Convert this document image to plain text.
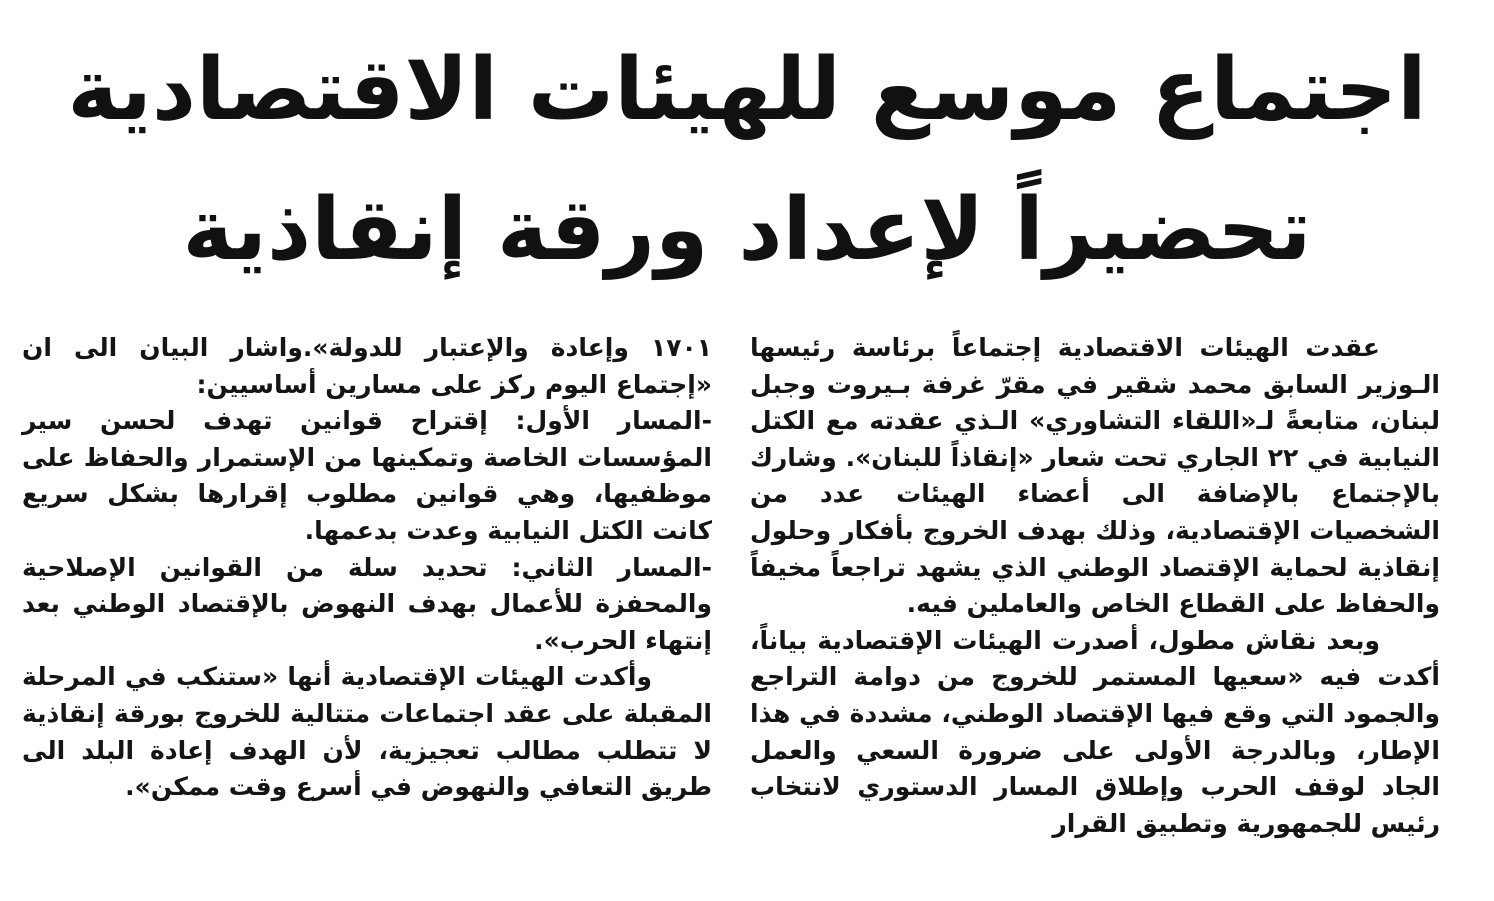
اجتماع موسع للهيئات الاقتصادية
تحضيراً لإعداد ورقة إنقاذية

عقدت الهيئات الاقتصادية إجتماعاً برئاسة رئيسها الـوزير السابق محمد شقير في مقرّ غرفة بـيروت وجبل لبنان، متابعةً لـ«اللقاء التشاوري» الـذي عقدته مع الكتل النيابية في ٢٢ الجاري تحت شعار «إنقاذاً للبنان». وشارك بالإجتماع بالإضافة الى أعضاء الهيئات عدد من الشخصيات الإقتصادية، وذلك بهدف الخروج بأفكار وحلول إنقاذية لحماية الإقتصاد الوطني الذي يشهد تراجعاً مخيفاً والحفاظ على القطاع الخاص والعاملين فيه.

وبعد نقاش مطول، أصدرت الهيئات الإقتصادية بياناً، أكدت فيه «سعيها المستمر للخروج من دوامة التراجع والجمود التي وقع فيها الإقتصاد الوطني، مشددة في هذا الإطار، وبالدرجة الأولى على ضرورة السعي والعمل الجاد لوقف الحرب وإطلاق المسار الدستوري لانتخاب رئيس للجمهورية وتطبيق القرار

١٧٠١ وإعادة والإعتبار للدولة».واشار البيان الى ان «إجتماع اليوم ركز على مسارين أساسيين:

-المسار الأول: إقتراح قوانين تهدف لحسن سير المؤسسات الخاصة وتمكينها من الإستمرار والحفاظ على موظفيها، وهي قوانين مطلوب إقرارها بشكل سريع كانت الكتل النيابية وعدت بدعمها.

-المسار الثاني: تحديد سلة من القوانين الإصلاحية والمحفزة للأعمال بهدف النهوض بالإقتصاد الوطني بعد إنتهاء الحرب».

وأكدت الهيئات الإقتصادية أنها «ستنكب في المرحلة المقبلة على عقد اجتماعات متتالية للخروج بورقة إنقاذية لا تتطلب مطالب تعجيزية، لأن الهدف إعادة البلد الى طريق التعافي والنهوض في أسرع وقت ممكن».
